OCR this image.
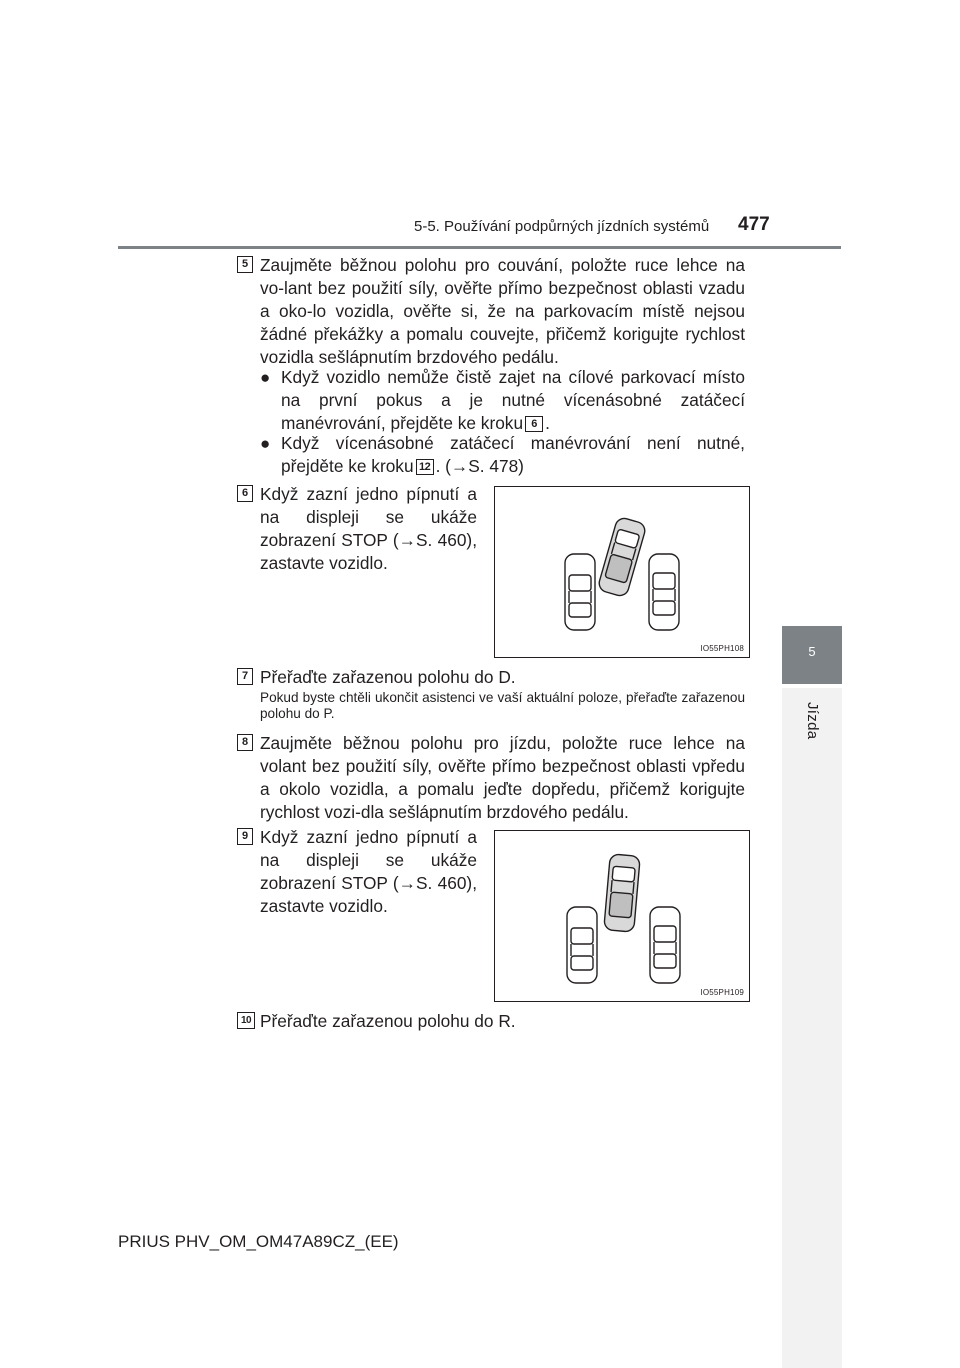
5-5. Používání podpůrných jízdních systémů 477
5
Jízda
5 Zaujměte běžnou polohu pro couvání, položte ruce lehce na vo-lant bez použití síly, ověřte přímo bezpečnost oblasti vzadu a oko-lo vozidla, ověřte si, že na parkovacím místě nejsou žádné překážky a pomalu couvejte, přičemž korigujte rychlost vozidla sešlápnutím brzdového pedálu.
● Když vozidlo nemůže čistě zajet na cílové parkovací místo na první pokus a je nutné vícenásobné zatáčecí manévrování, přejděte ke kroku 6 .
● Když vícenásobné zatáčecí manévrování není nutné, přejděte ke kroku 12 . (→S. 478)
6 Když zazní jedno pípnutí a na displeji se ukáže zobrazení STOP (→S. 460), zastavte vozidlo.
IO55PH108
7 Přeřaďte zařazenou polohu do D.
Pokud byste chtěli ukončit asistenci ve vaší aktuální poloze, přeřaďte zařazenou polohu do P.
8 Zaujměte běžnou polohu pro jízdu, položte ruce lehce na volant bez použití síly, ověřte přímo bezpečnost oblasti vpředu a okolo vozidla, a pomalu jeďte dopředu, přičemž korigujte rychlost vozi-dla sešlápnutím brzdového pedálu.
9 Když zazní jedno pípnutí a na displeji se ukáže zobrazení STOP (→S. 460), zastavte vozidlo.
IO55PH109
10 Přeřaďte zařazenou polohu do R.
PRIUS PHV_OM_OM47A89CZ_(EE)
